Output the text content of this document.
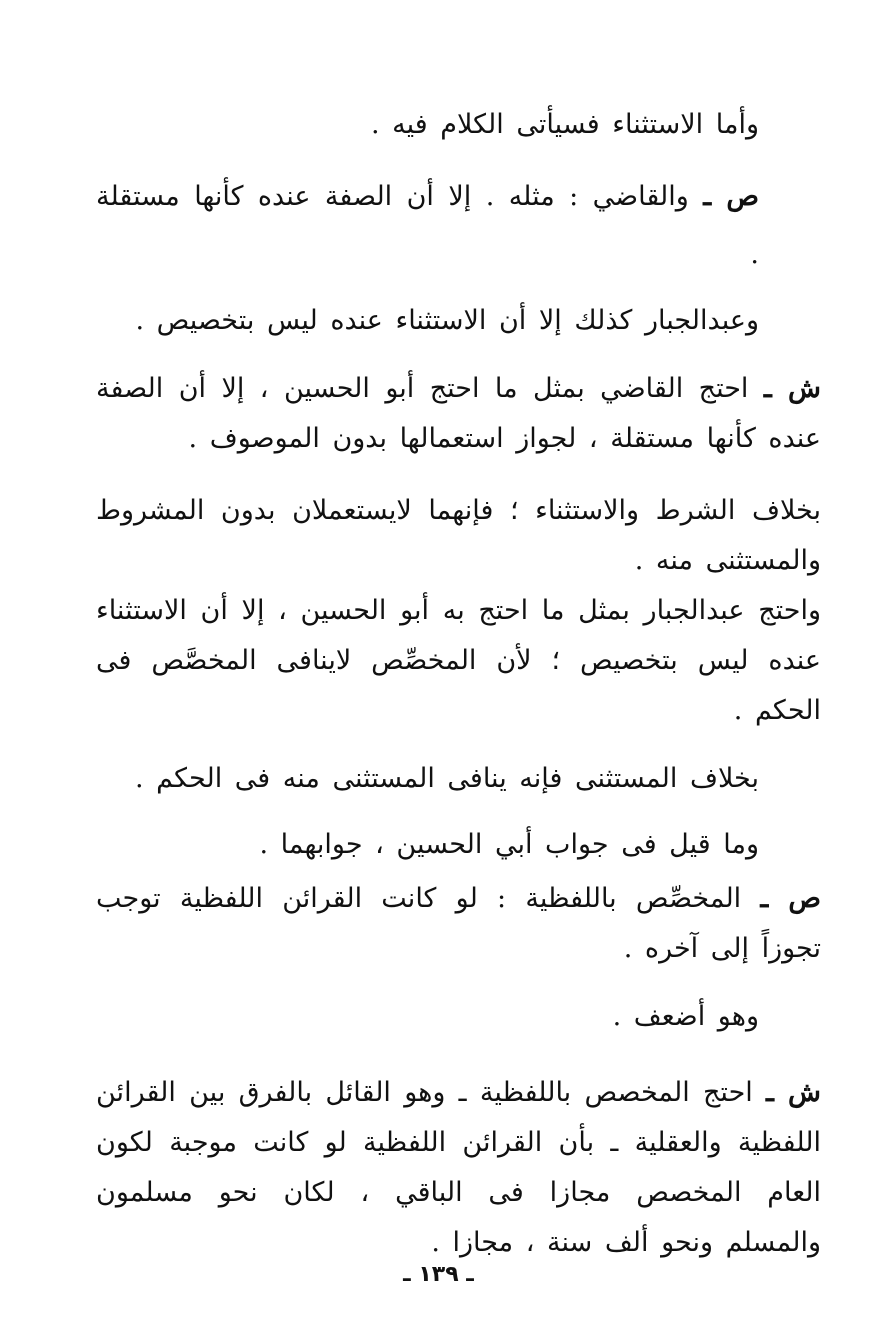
وأما الاستثناء فسيأتى الكلام فيه .

ص ـ والقاضي : مثله . إلا أن الصفة عنده كأنها مستقلة .

وعبدالجبار كذلك إلا أن الاستثناء عنده ليس بتخصيص .

ش ـ احتج القاضي بمثل ما احتج أبو الحسين ، إلا أن الصفة عنده كأنها مستقلة ، لجواز استعمالها بدون الموصوف .

بخلاف الشرط والاستثناء ؛ فإنهما لايستعملان بدون المشروط والمستثنى منه .

واحتج عبدالجبار بمثل ما احتج به أبو الحسين ، إلا أن الاستثناء عنده ليس بتخصيص ؛ لأن المخصِّص لاينافى المخصَّص فى الحكم .

بخلاف المستثنى فإنه ينافى المستثنى منه فى الحكم .

وما قيل فى جواب أبي الحسين ، جوابهما .

ص ـ المخصِّص باللفظية : لو كانت القرائن اللفظية توجب تجوزاً إلى آخره .

وهو أضعف .

ش ـ احتج المخصص باللفظية ـ وهو القائل بالفرق بين القرائن اللفظية والعقلية ـ بأن القرائن اللفظية لو كانت موجبة لكون العام المخصص مجازا فى الباقي ، لكان نحو مسلمون والمسلم ونحو ألف سنة ، مجازا .

ـ ١٣٩ ـ
